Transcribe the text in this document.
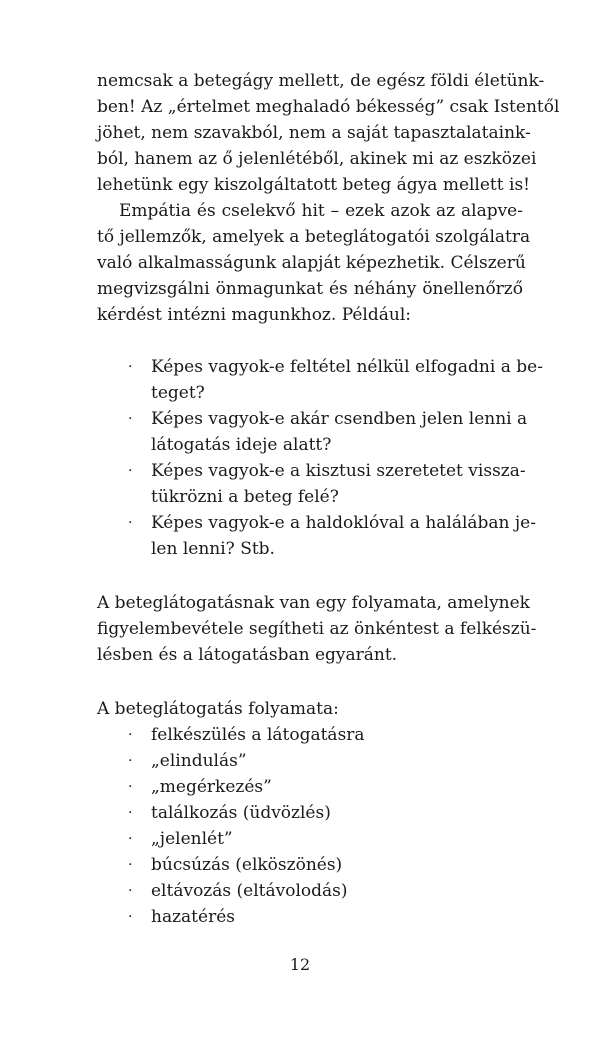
nemcsak a betegágy mellett, de egész földi életünk-
ben! Az „értelmet meghaladó békesség” csak Istentől
jöhet, nem szavakból, nem a saját tapasztalataink-
ból, hanem az ő jelenlétéből, akinek mi az eszközei
lehetünk egy kiszolgáltatott beteg ágya mellett is!

Empátia és cselekvő hit – ezek azok az alapve-
tő jellemzők, amelyek a beteglátogatói szolgálatra
való alkalmasságunk alapját képezhetik. Célszerű
megvizsgálni önmagunkat és néhány önellenőrző
kérdést intézni magunkhoz. Például:

· Képes vagyok-e feltétel nélkül elfogadni a be-
teget?
· Képes vagyok-e akár csendben jelen lenni a
látogatás ideje alatt?
· Képes vagyok-e a kisztusi szeretetet vissza-
tükrözni a beteg felé?
· Képes vagyok-e a haldoklóval a halálában je-
len lenni? Stb.

A beteglátogatásnak van egy folyamata, amelynek
figyelembevétele segítheti az önkéntest a felkészü-
lésben és a látogatásban egyaránt.

A beteglátogatás folyamata:

· felkészülés a látogatásra
· „elindulás”
· „megérkezés”
· találkozás (üdvözlés)
· „jelenlét”
· búcsúzás (elköszönés)
· eltávozás (eltávolodás)
· hazatérés
12
